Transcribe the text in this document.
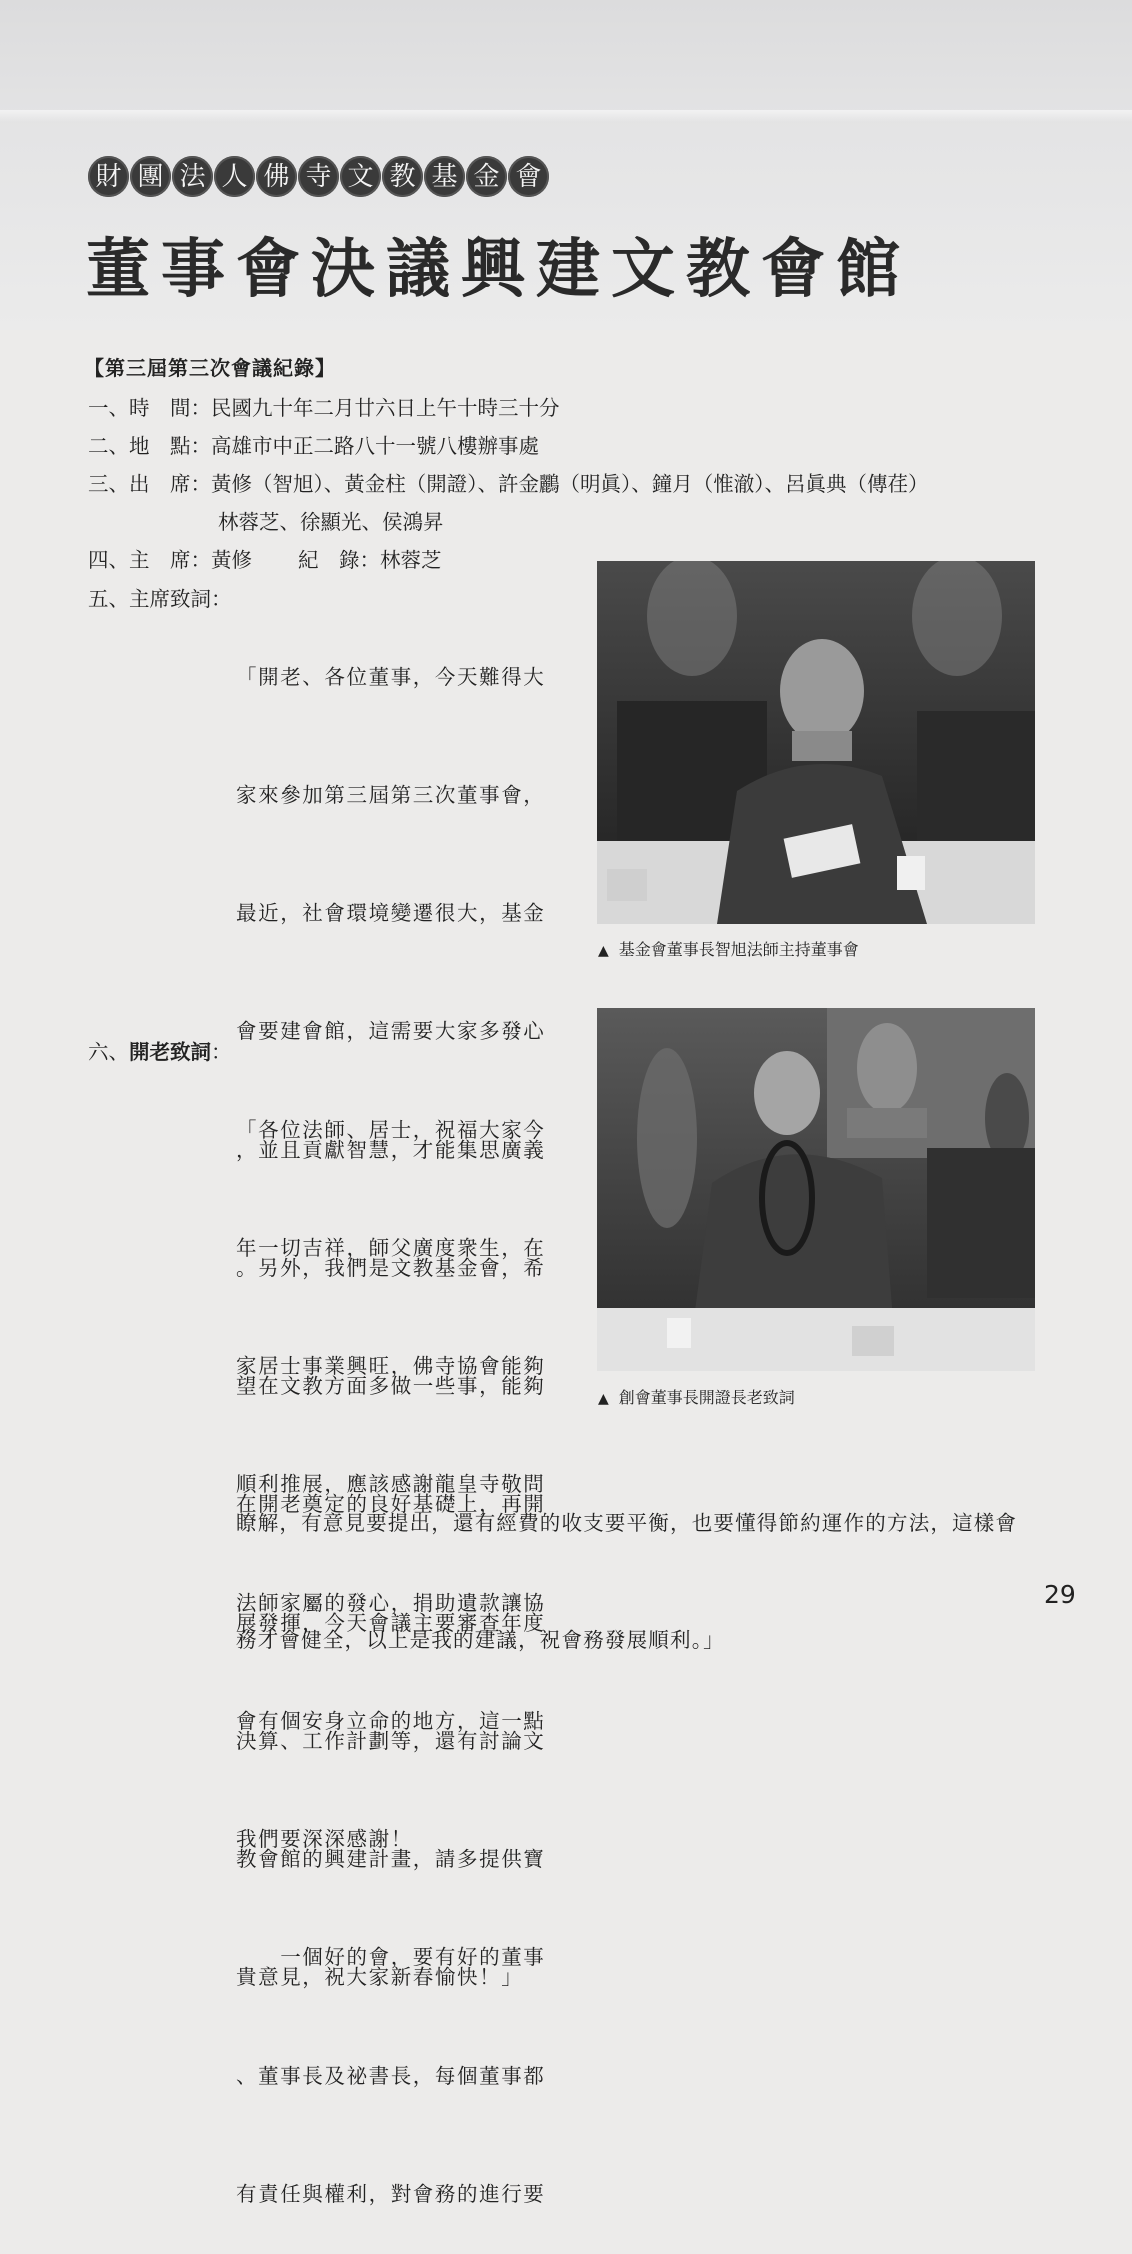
財 團 法 人 佛 寺 文 教 基 金 會
董事會決議興建文教會館
【第三屆第三次會議紀錄】
一、時　間：民國九十年二月廿六日上午十時三十分
二、地　點：高雄市中正二路八十一號八樓辦事處
三、出　席：黃修（智旭）、黃金柱（開證）、許金鸝（明眞）、鐘月（惟澈）、呂眞典（傳荏）
林蓉芝、徐顯光、侯鴻昇
四、主　席：黃修 紀　錄：林蓉芝
五、主席致詞：

「開老、各位董事，今天難得大

家來參加第三屆第三次董事會，

最近，社會環境變遷很大，基金

會要建會館，這需要大家多發心

，並且貢獻智慧，才能集思廣義

。另外，我們是文教基金會，希

望在文教方面多做一些事，能夠

在開老奠定的良好基礎上，再開

展發揮，今天會議主要審查年度

決算、工作計劃等，還有討論文

教會館的興建計畫，請多提供寶

貴意見，祝大家新春愉快！」

六、開老致詞：

「各位法師、居士，祝福大家今

年一切吉祥，師父廣度衆生，在

家居士事業興旺，佛寺協會能夠

順利推展，應該感謝龍皇寺敬問

法師家屬的發心，捐助遺款讓協

會有個安身立命的地方，這一點

我們要深深感謝！

　　一個好的會，要有好的董事

、董事長及祕書長，每個董事都

有責任與權利，對會務的進行要

瞭解，有意見要提出，還有經費的收支要平衡，也要懂得節約運作的方法，這樣會

務才會健全，以上是我的建議，祝會務發展順利。」

▲ 基金會董事長智旭法師主持董事會
▲ 創會董事長開證長老致詞
29
